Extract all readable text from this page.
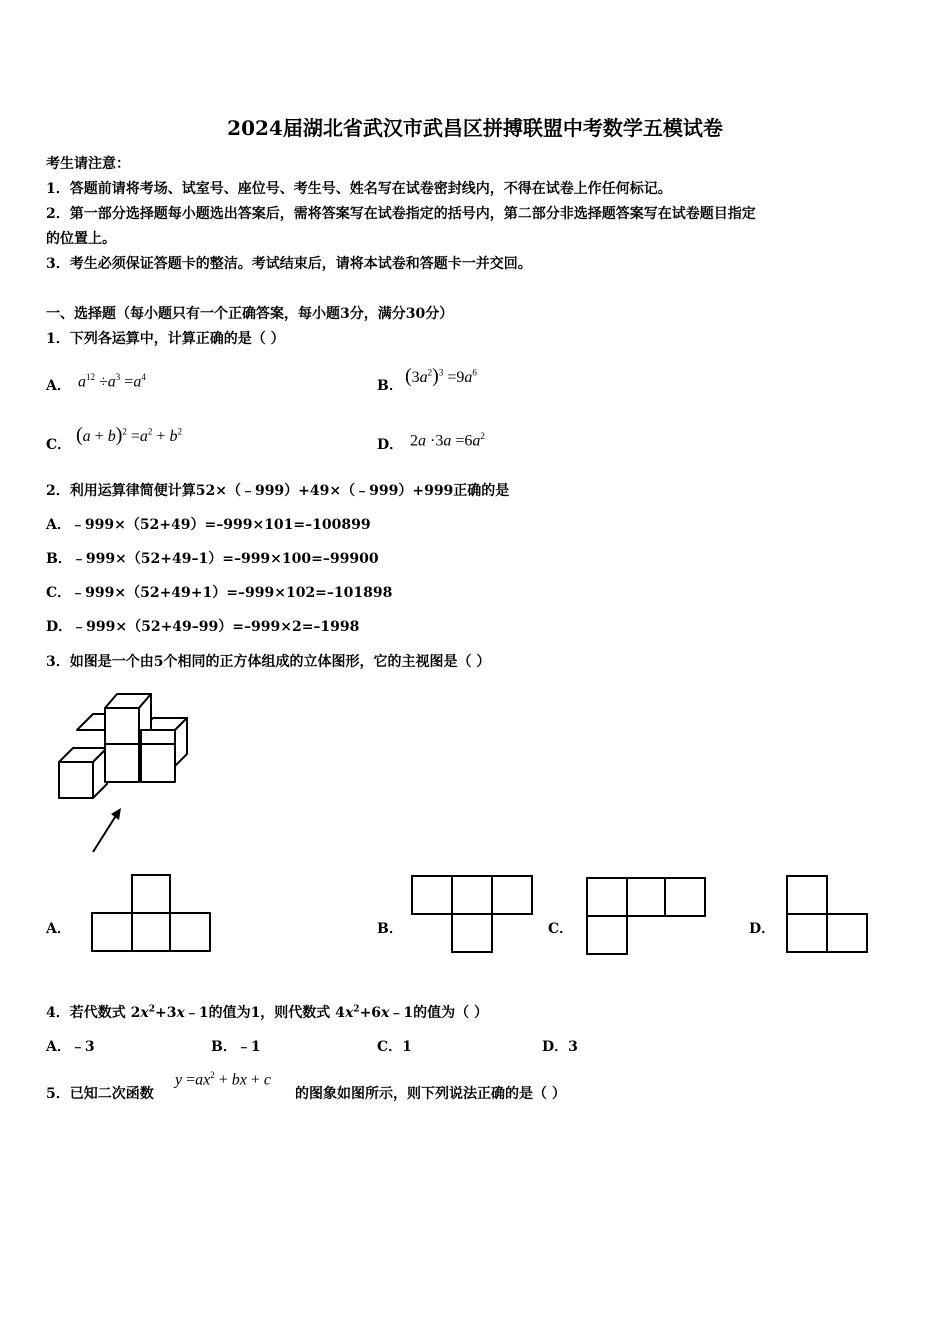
2024届湖北省武汉市武昌区拼搏联盟中考数学五模试卷
考生请注意：
1．答题前请将考场、试室号、座位号、考生号、姓名写在试卷密封线内，不得在试卷上作任何标记。
2．第一部分选择题每小题选出答案后，需将答案写在试卷指定的括号内，第二部分非选择题答案写在试卷题目指定
的位置上。
3．考生必须保证答题卡的整洁。考试结束后，请将本试卷和答题卡一并交回。
一、选择题（每小题只有一个正确答案，每小题3分，满分30分）
1．下列各运算中，计算正确的是（ ）
A． $a^{12} \div a^3 =a^4$
B． $(3a^2)^3 =9a^6$
C． $(a + b)^2 =a^2 + b^2$
D． $2a \cdot 3a =6a^2$
2．利用运算律简便计算52×（﹣999）+49×（﹣999）+999正确的是
A．﹣999×（52+49）=–999×101=–100899
B．﹣999×（52+49–1）=–999×100=–99900
C．﹣999×（52+49+1）=–999×102=–101898
D．﹣999×（52+49–99）=–999×2=–1998
3．如图是一个由5个相同的正方体组成的立体图形，它的主视图是（ ）
A．	B．	C．	D．
4．若代数式 $2x^2+3x﹣1$的值为1，则代数式 $4x^2+6x﹣1$的值为（ ）
A．﹣3	B．﹣1	C．1	D．3
5．已知二次函数
$y =ax^2$ + bx + c
的图象如图所示，则下列说法正确的是（ ）
